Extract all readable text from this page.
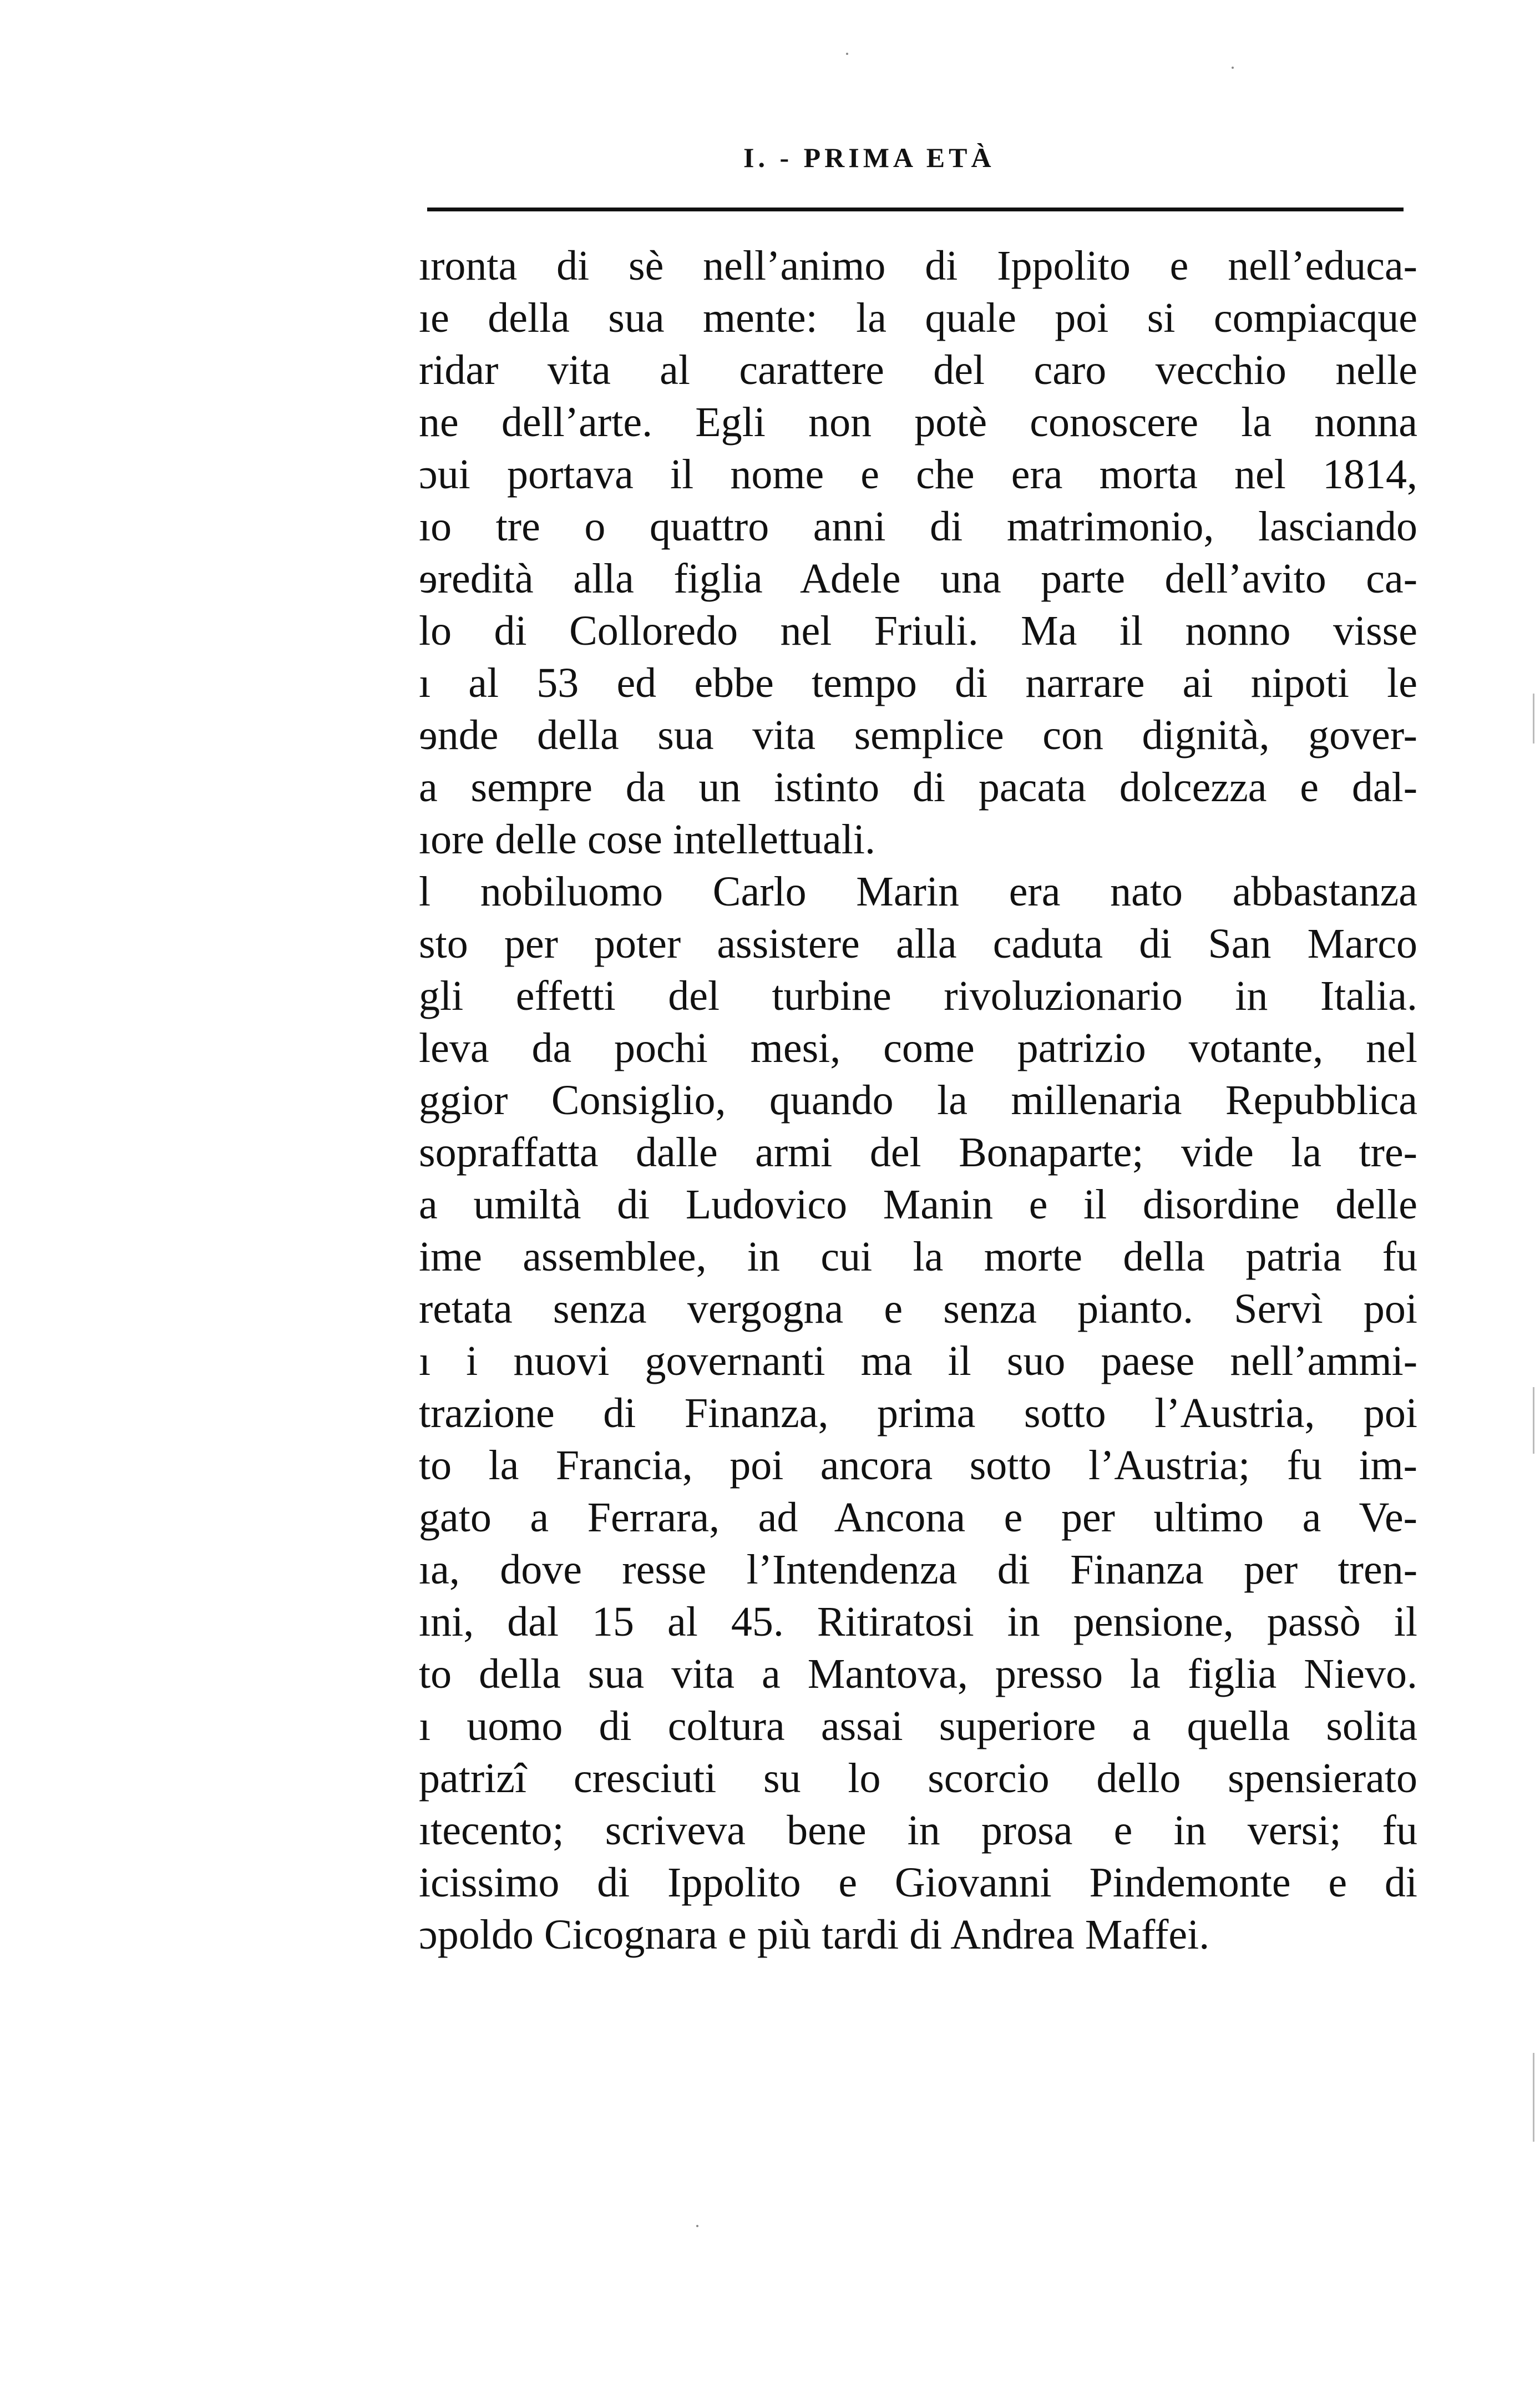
I. - PRIMA ETÀ
ıronta di sè nell’animo di Ippolito e nell’educa-
ıe della sua mente: la quale poi si compiacque
ridar vita al carattere del caro vecchio nelle
ne dell’arte. Egli non potè conoscere la nonna
ɔui portava il nome e che era morta nel 1814,
ıo tre o quattro anni di matrimonio, lasciando
ɘredità alla figlia Adele una parte dell’avito ca-
lo di Colloredo nel Friuli. Ma il nonno visse
ı al 53 ed ebbe tempo di narrare ai nipoti le
ɘnde della sua vita semplice con dignità, gover-
a sempre da un istinto di pacata dolcezza e dal-
ıore delle cose intellettuali.
l nobiluomo Carlo Marin era nato abbastanza
sto per poter assistere alla caduta di San Marco
gli effetti del turbine rivoluzionario in Italia.
leva da pochi mesi, come patrizio votante, nel
ggior Consiglio, quando la millenaria Repubblica
sopraffatta dalle armi del Bonaparte; vide la tre-
a umiltà di Ludovico Manin e il disordine delle
ime assemblee, in cui la morte della patria fu
retata senza vergogna e senza pianto. Servì poi
ı i nuovi governanti ma il suo paese nell’ammi-
trazione di Finanza, prima sotto l’Austria, poi
to la Francia, poi ancora sotto l’Austria; fu im-
gato a Ferrara, ad Ancona e per ultimo a Ve-
ıa, dove resse l’Intendenza di Finanza per tren-
ıni, dal 15 al 45. Ritiratosi in pensione, passò il
to della sua vita a Mantova, presso la figlia Nievo.
ı uomo di coltura assai superiore a quella solita
patrizî cresciuti su lo scorcio dello spensierato
ıtecento; scriveva bene in prosa e in versi; fu
icissimo di Ippolito e Giovanni Pindemonte e di
ɔpoldo Cicognara e più tardi di Andrea Maffei.
